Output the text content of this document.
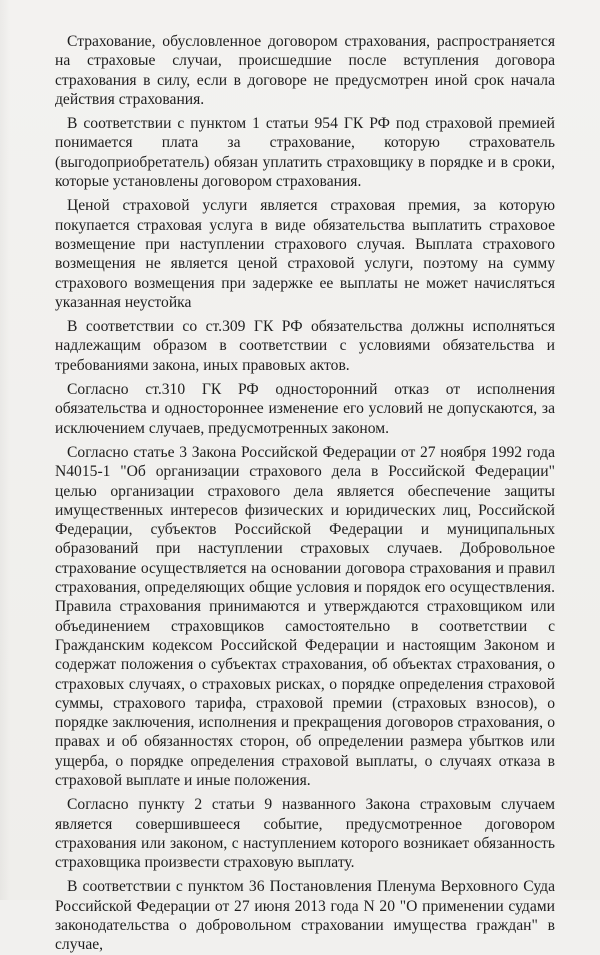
Страхование, обусловленное договором страхования, распространяется на страховые случаи, происшедшие после вступления договора страхования в силу, если в договоре не предусмотрен иной срок начала действия страхования.

В соответствии с пунктом 1 статьи 954 ГК РФ под страховой премией понимается плата за страхование, которую страхователь (выгодоприобретатель) обязан уплатить страховщику в порядке и в сроки, которые установлены договором страхования.

Ценой страховой услуги является страховая премия, за которую покупается страховая услуга в виде обязательства выплатить страховое возмещение при наступлении страхового случая. Выплата страхового возмещения не является ценой страховой услуги, поэтому на сумму страхового возмещения при задержке ее выплаты не может начисляться указанная неустойка

В соответствии со ст.309 ГК РФ обязательства должны исполняться надлежащим образом в соответствии с условиями обязательства и требованиями закона, иных правовых актов.

Согласно ст.310 ГК РФ односторонний отказ от исполнения обязательства и одностороннее изменение его условий не допускаются, за исключением случаев, предусмотренных законом.

Согласно статье 3 Закона Российской Федерации от 27 ноября 1992 года N4015-1 "Об организации страхового дела в Российской Федерации" целью организации страхового дела является обеспечение защиты имущественных интересов физических и юридических лиц, Российской Федерации, субъектов Российской Федерации и муниципальных образований при наступлении страховых случаев. Добровольное страхование осуществляется на основании договора страхования и правил страхования, определяющих общие условия и порядок его осуществления. Правила страхования принимаются и утверждаются страховщиком или объединением страховщиков самостоятельно в соответствии с Гражданским кодексом Российской Федерации и настоящим Законом и содержат положения о субъектах страхования, об объектах страхования, о страховых случаях, о страховых рисках, о порядке определения страховой суммы, страхового тарифа, страховой премии (страховых взносов), о порядке заключения, исполнения и прекращения договоров страхования, о правах и об обязанностях сторон, об определении размера убытков или ущерба, о порядке определения страховой выплаты, о случаях отказа в страховой выплате и иные положения.

Согласно пункту 2 статьи 9 названного Закона страховым случаем является совершившееся событие, предусмотренное договором страхования или законом, с наступлением которого возникает обязанность страховщика произвести страховую выплату.

В соответствии с пунктом 36 Постановления Пленума Верховного Суда Российской Федерации от 27 июня 2013 года N 20 "О применении судами законодательства о добровольном страховании имущества граждан" в случае,
